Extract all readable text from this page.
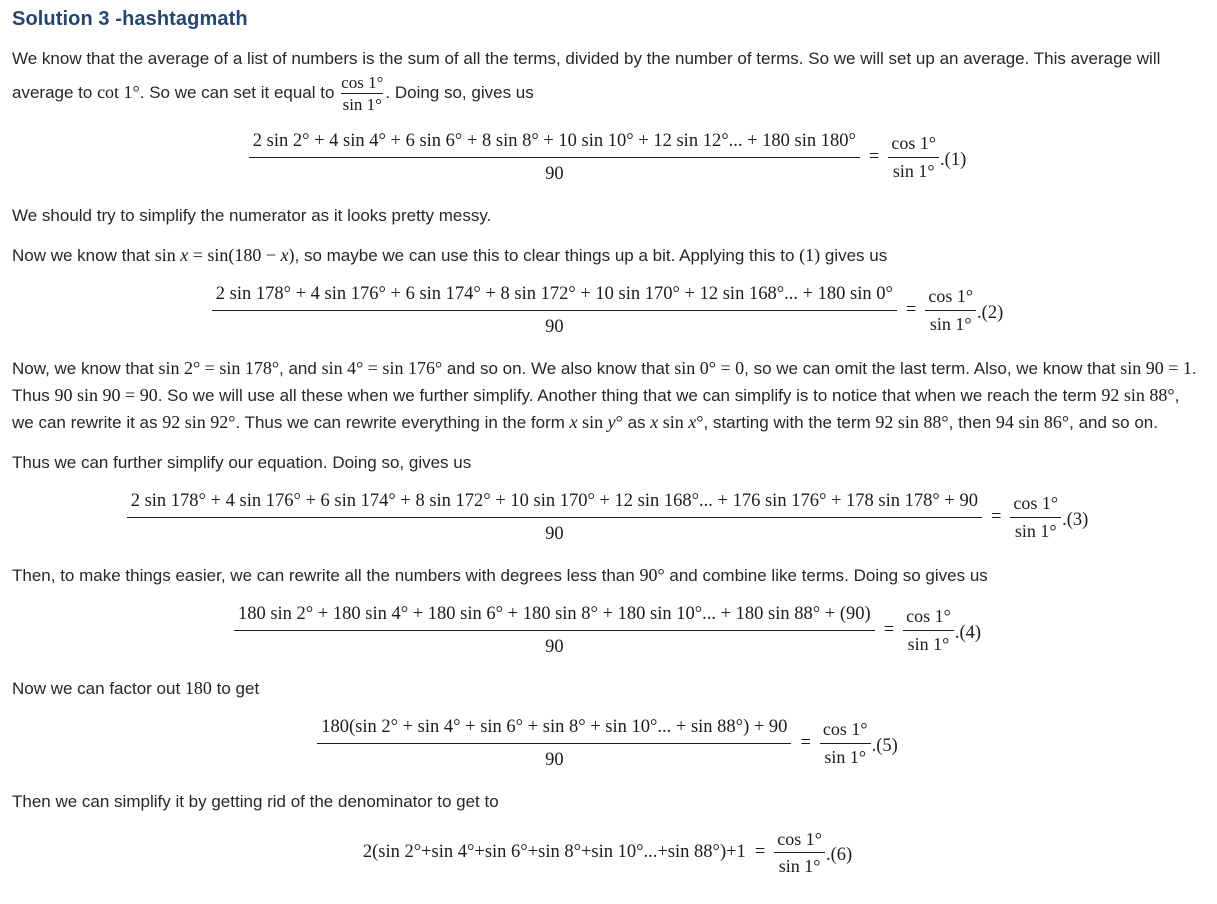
Solution 3 -hashtagmath

We know that the average of a list of numbers is the sum of all the terms, divided by the number of terms. So we will set up an average. This average will average to cot 1°. So we can set it equal to $\frac{\cos 1^\circ}{\sin 1^\circ}$ . Doing so, gives us

2 sin 2° + 4 sin 4° + 6 sin 6° + 8 sin 8° + 10 sin 10° + 12 sin 12°... + 180 sin 180°
90
= $\frac{\cos 1^\circ}{\sin 1^\circ} .(1)$

We should try to simplify the numerator as it looks pretty messy.

Now we know that sin x = sin(180 − x), so maybe we can use this to clear things up a bit. Applying this to (1) gives us

2 sin 178° + 4 sin 176° + 6 sin 174° + 8 sin 172° + 10 sin 170° + 12 sin 168°... + 180 sin 0°
90
= $\frac{\cos 1^\circ}{\sin 1^\circ} .(2)$

Now, we know that sin 2° = sin 178°, and sin 4° = sin 176° and so on. We also know that sin 0° = 0, so we can omit the last term. Also, we know that sin 90 = 1. Thus 90 sin 90 = 90. So we will use all these when we further simplify. Another thing that we can simplify is to notice that when we reach the term 92 sin 88°, we can rewrite it as 92 sin 92°. Thus we can rewrite everything in the form x sin y° as x sin x°, starting with the term 92 sin 88°, then 94 sin 86°, and so on.

Thus we can further simplify our equation. Doing so, gives us

2 sin 178° + 4 sin 176° + 6 sin 174° + 8 sin 172° + 10 sin 170° + 12 sin 168°... + 176 sin 176° + 178 sin 178° + 90
90
= $\frac{\cos 1^\circ}{\sin 1^\circ} .(3)$

Then, to make things easier, we can rewrite all the numbers with degrees less than 90° and combine like terms. Doing so gives us

180 sin 2° + 180 sin 4° + 180 sin 6° + 180 sin 8° + 180 sin 10°... + 180 sin 88° + (90)
90
= $\frac{\cos 1^\circ}{\sin 1^\circ} .(4)$

Now we can factor out 180 to get

180(sin 2° + sin 4° + sin 6° + sin 8° + sin 10°... + sin 88°) + 90
90
= $\frac{\cos 1^\circ}{\sin 1^\circ} .(5)$

Then we can simplify it by getting rid of the denominator to get to

2(sin 2°+sin 4°+sin 6°+sin 8°+sin 10°...+sin $88^\circ)+1 = \frac{\cos 1^\circ}{\sin 1^\circ} .(6)$
